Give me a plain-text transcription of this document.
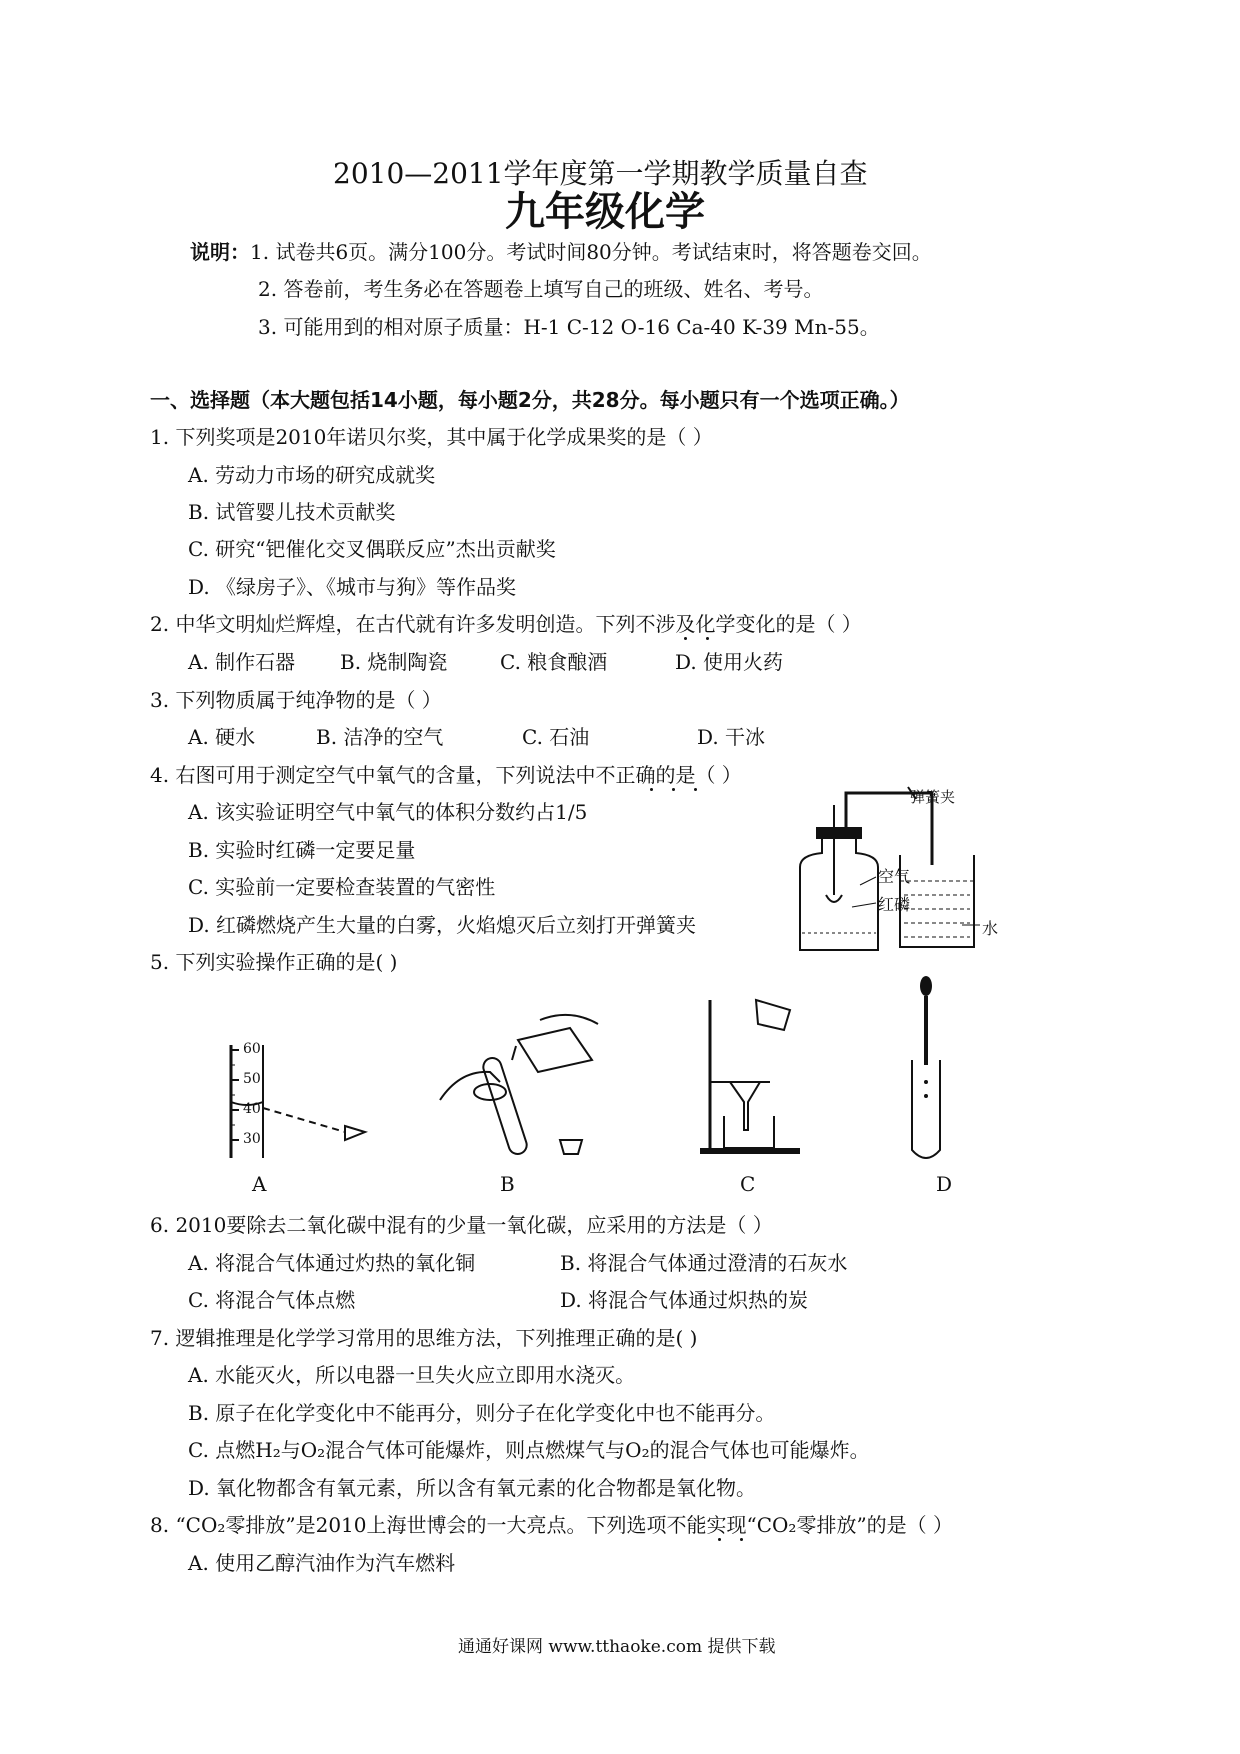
2010—2011学年度第一学期教学质量自查
九年级化学
说明：1. 试卷共6页。满分100分。考试时间80分钟。考试结束时，将答题卷交回。
2. 答卷前，考生务必在答题卷上填写自己的班级、姓名、考号。
3. 可能用到的相对原子质量：H-1 C-12 O-16 Ca-40 K-39 Mn-55。
一、选择题（本大题包括14小题，每小题2分，共28分。每小题只有一个选项正确。）
1. 下列奖项是2010年诺贝尔奖，其中属于化学成果奖的是（ ）
A. 劳动力市场的研究成就奖
B. 试管婴儿技术贡献奖
C. 研究“钯催化交叉偶联反应”杰出贡献奖
D. 《绿房子》、《城市与狗》等作品奖
2. 中华文明灿烂辉煌，在古代就有许多发明创造。下列不涉及化学变化的是（ ）
A. 制作石器 B. 烧制陶瓷	C. 粮食酿酒	D. 使用火药
3. 下列物质属于纯净物的是（ ）
A. 硬水	B. 洁净的空气	C. 石油	D. 干冰
4. 右图可用于测定空气中氧气的含量，下列说法中不正确的是（ ）
A. 该实验证明空气中氧气的体积分数约占1/5
B. 实验时红磷一定要足量
C. 实验前一定要检查装置的气密性
D. 红磷燃烧产生大量的白雾，火焰熄灭后立刻打开弹簧夹
弹簧夹
空气
红磷
水
5. 下列实验操作正确的是( )
60
50
40
30
A	B	C	D
6. 2010要除去二氧化碳中混有的少量一氧化碳，应采用的方法是（ ）
A. 将混合气体通过灼热的氧化铜	B. 将混合气体通过澄清的石灰水
C. 将混合气体点燃	D. 将混合气体通过炽热的炭
7. 逻辑推理是化学学习常用的思维方法，下列推理正确的是( )
A. 水能灭火，所以电器一旦失火应立即用水浇灭。
B. 原子在化学变化中不能再分，则分子在化学变化中也不能再分。
C. 点燃H₂与O₂混合气体可能爆炸，则点燃煤气与O₂的混合气体也可能爆炸。
D. 氧化物都含有氧元素，所以含有氧元素的化合物都是氧化物。
8. “CO₂零排放”是2010上海世博会的一大亮点。下列选项不能实现“CO₂零排放”的是（ ）
A. 使用乙醇汽油作为汽车燃料
通通好课网 www.tthaoke.com 提供下载
